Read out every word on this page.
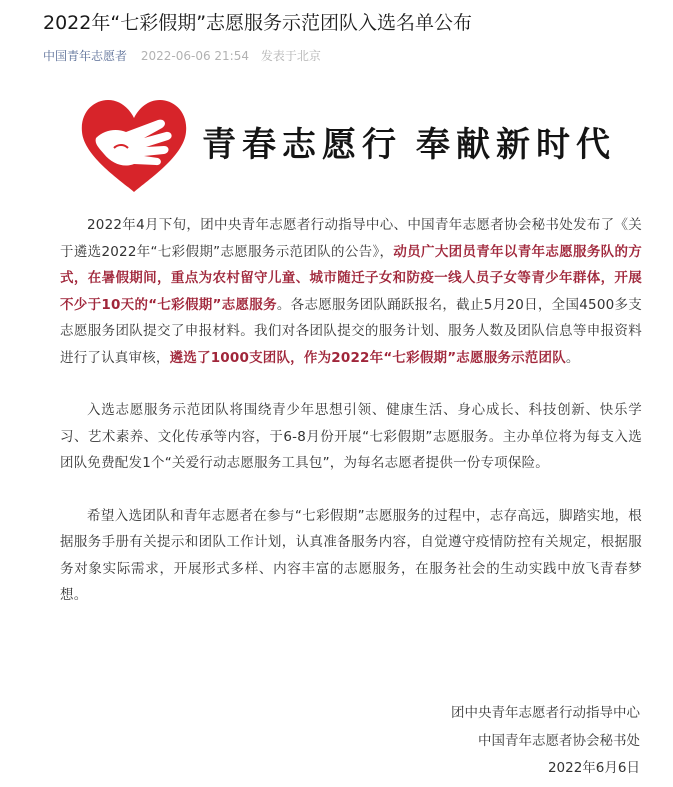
2022年“七彩假期”志愿服务示范团队入选名单公布
中国青年志愿者 2022-06-06 21:54 发表于北京
青春志愿行 奉献新时代

2022年4月下旬，团中央青年志愿者行动指导中心、中国青年志愿者协会秘书处发布了《关于遴选2022年“七彩假期”志愿服务示范团队的公告》，动员广大团员青年以青年志愿服务队的方式，在暑假期间，重点为农村留守儿童、城市随迁子女和防疫一线人员子女等青少年群体，开展不少于10天的“七彩假期”志愿服务。各志愿服务团队踊跃报名，截止5月20日，全国4500多支志愿服务团队提交了申报材料。我们对各团队提交的服务计划、服务人数及团队信息等申报资料进行了认真审核，遴选了1000支团队，作为2022年“七彩假期”志愿服务示范团队。

入选志愿服务示范团队将围绕青少年思想引领、健康生活、身心成长、科技创新、快乐学习、艺术素养、文化传承等内容，于6-8月份开展“七彩假期”志愿服务。主办单位将为每支入选团队免费配发1个“关爱行动志愿服务工具包”，为每名志愿者提供一份专项保险。

希望入选团队和青年志愿者在参与“七彩假期”志愿服务的过程中，志存高远，脚踏实地，根据服务手册有关提示和团队工作计划，认真准备服务内容，自觉遵守疫情防控有关规定，根据服务对象实际需求，开展形式多样、内容丰富的志愿服务，在服务社会的生动实践中放飞青春梦想。

团中央青年志愿者行动指导中心
中国青年志愿者协会秘书处
2022年6月6日
